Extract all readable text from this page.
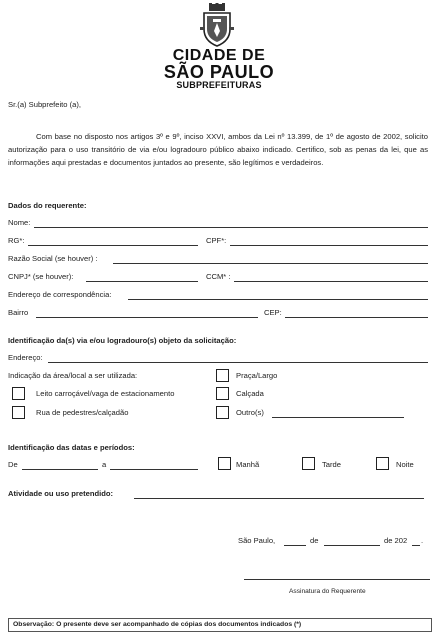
CIDADE DE
SÃO PAULO
SUBPREFEITURAS
Sr.(a) Subprefeito (a),

Com base no disposto nos artigos 3º e 9º, inciso XXVI, ambos da Lei nº 13.399, de 1º de agosto de 2002, solicito autorização para o uso transitório de via e/ou logradouro público abaixo indicado. Certifico, sob as penas da lei, que as informações aqui prestadas e documentos juntados ao presente, são legítimos e verdadeiros.

Dados do requerente:
Nome:
RG*:	CPF*:
Razão Social (se houver) :
CNPJ* (se houver):	CCM* :
Endereço de correspondência:
Bairro	CEP:
Identificação da(s) via e/ou logradouro(s) objeto da solicitação:
Endereço:
Indicação da área/local a ser utilizada:	Praça/Largo
Leito carroçável/vaga de estacionamento	Calçada
Rua de pedestres/calçadão	Outro(s)
Identificação das datas e períodos:
De	a	Manhã	Tarde	Noite
Atividade ou uso pretendido:
São Paulo,	de	de 202 .
Assinatura do Requerente
Observação: O presente deve ser acompanhado de cópias dos documentos indicados (*)
